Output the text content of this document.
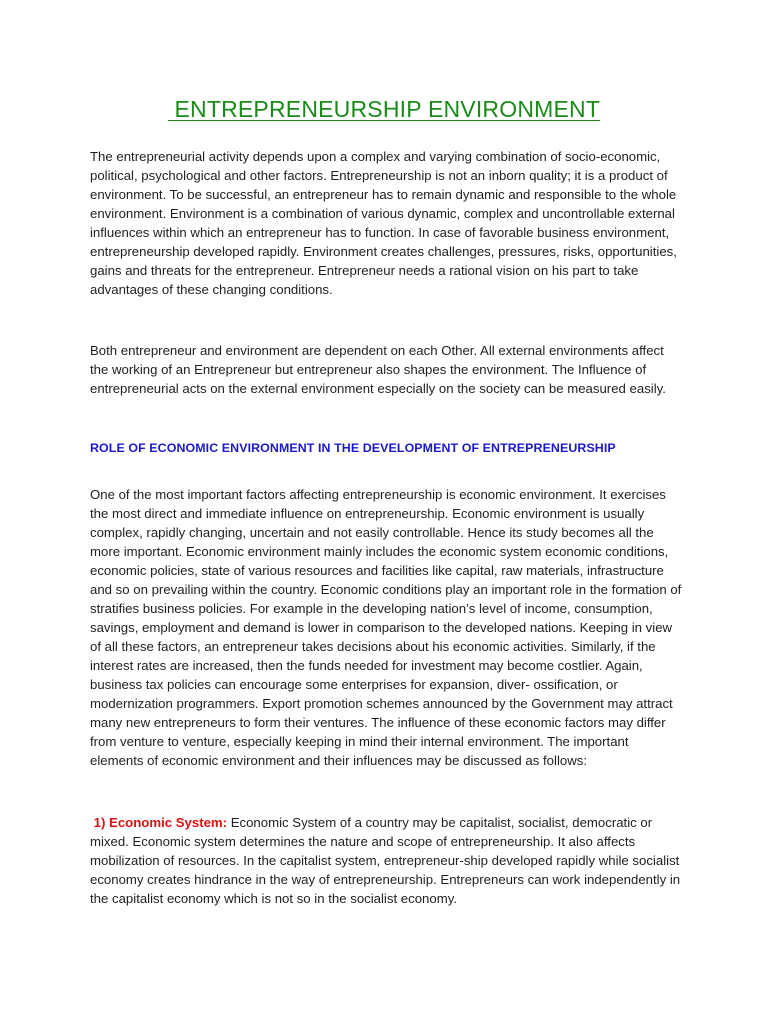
ENTREPRENEURSHIP ENVIRONMENT

The entrepreneurial activity depends upon a complex and varying combination of socio-economic, political, psychological and other factors. Entrepreneurship is not an inborn quality; it is a product of environment. To be successful, an entrepreneur has to remain dynamic and responsible to the whole environment. Environment is a combination of various dynamic, complex and uncontrollable external influences within which an entrepreneur has to function. In case of favorable business environment, entrepreneurship developed rapidly. Environment creates challenges, pressures, risks, opportunities, gains and threats for the entrepreneur. Entrepreneur needs a rational vision on his part to take advantages of these changing conditions.

Both entrepreneur and environment are dependent on each Other. All external environments affect the working of an Entrepreneur but entrepreneur also shapes the environment. The Influence of entrepreneurial acts on the external environment especially on the society can be measured easily.

ROLE OF ECONOMIC ENVIRONMENT IN THE DEVELOPMENT OF ENTREPRENEURSHIP

One of the most important factors affecting entrepreneurship is economic environment. It exercises the most direct and immediate influence on entrepreneurship. Economic environment is usually complex, rapidly changing, uncertain and not easily controllable. Hence its study becomes all the more important. Economic environment mainly includes the economic system economic conditions, economic policies, state of various resources and facilities like capital, raw materials, infrastructure and so on prevailing within the country. Economic conditions play an important role in the formation of stratifies business policies. For example in the developing nation’s level of income, consumption, savings, employment and demand is lower in comparison to the developed nations. Keeping in view of all these factors, an entrepreneur takes decisions about his economic activities. Similarly, if the interest rates are increased, then the funds needed for investment may become costlier. Again, business tax policies can encourage some enterprises for expansion, diver- ossification, or modernization programmers. Export promotion schemes announced by the Government may attract many new entrepreneurs to form their ventures. The influence of these economic factors may differ from venture to venture, especially keeping in mind their internal environment. The important elements of economic environment and their influences may be discussed as follows:

1) Economic System: Economic System of a country may be capitalist, socialist, democratic or mixed. Economic system determines the nature and scope of entrepreneurship. It also affects mobilization of resources. In the capitalist system, entrepreneur-ship developed rapidly while socialist economy creates hindrance in the way of entrepreneurship. Entrepreneurs can work independently in the capitalist economy which is not so in the socialist economy.
